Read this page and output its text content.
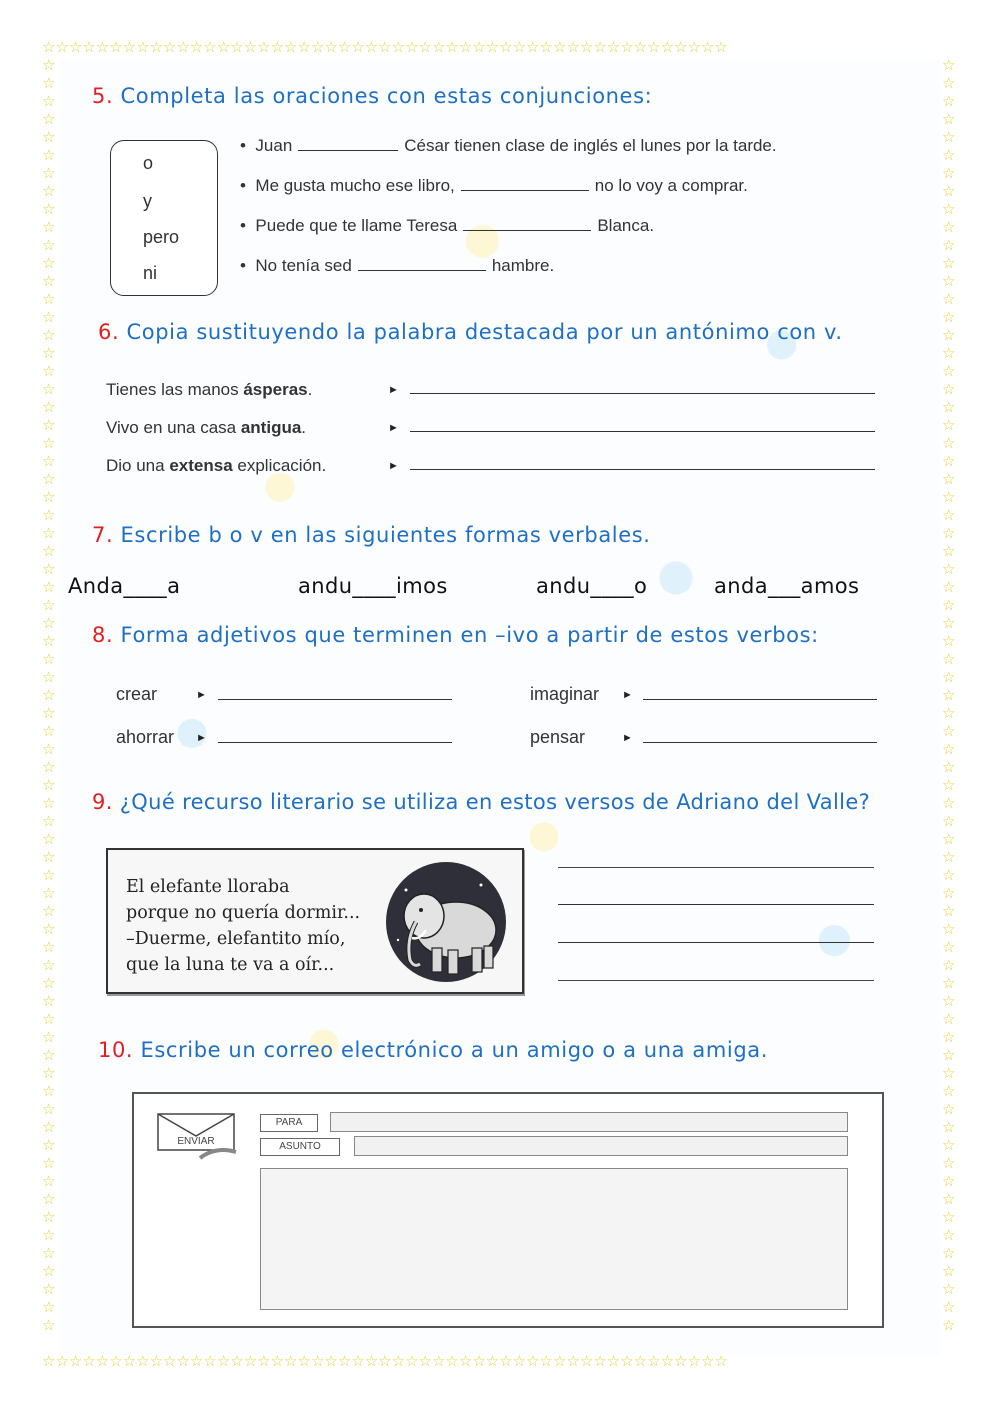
☆☆☆☆☆☆☆☆☆☆☆☆☆☆☆☆☆☆☆☆☆☆☆☆☆☆☆☆☆☆☆☆☆☆☆☆☆☆☆☆☆☆☆☆☆☆☆☆☆☆☆
☆☆☆☆☆☆☆☆☆☆☆☆☆☆☆☆☆☆☆☆☆☆☆☆☆☆☆☆☆☆☆☆☆☆☆☆☆☆☆☆☆☆☆☆☆☆☆☆☆☆☆
☆☆☆☆☆☆☆☆☆☆☆☆☆☆☆☆☆☆☆☆☆☆☆☆☆☆☆☆☆☆☆☆☆☆☆☆☆☆☆☆☆☆☆☆☆☆☆☆☆☆☆☆☆☆☆☆☆☆☆☆☆☆☆☆☆☆☆☆☆☆☆
☆☆☆☆☆☆☆☆☆☆☆☆☆☆☆☆☆☆☆☆☆☆☆☆☆☆☆☆☆☆☆☆☆☆☆☆☆☆☆☆☆☆☆☆☆☆☆☆☆☆☆☆☆☆☆☆☆☆☆☆☆☆☆☆☆☆☆☆☆☆☆
5. Completa las oraciones con estas conjunciones:
o
y
pero
ni
•  Juan	César tienen clase de inglés el lunes por la tarde.
•  Me gusta mucho ese libro,	no lo voy a comprar.
•  Puede que te llame Teresa	Blanca.
•  No tenía sed	hambre.
6. Copia sustituyendo la palabra destacada por un antónimo con v.
Tienes las manos ásperas.	►
Vivo en una casa antigua.	►
Dio una extensa explicación.	►
7. Escribe b o v en las siguientes formas verbales.
Anda____a	andu____imos	andu____o	anda___amos
8. Forma adjetivos que terminen en –ivo a partir de estos verbos:
crear	►	imaginar ►
ahorrar ►	pensar	►
9. ¿Qué recurso literario se utiliza en estos versos de Adriano del Valle?
El elefante lloraba
porque no quería dormir...
–Duerme, elefantito mío,
que la luna te va a oír...
10. Escribe un correo electrónico a un amigo o a una amiga.
ENVIAR
PARA
ASUNTO
